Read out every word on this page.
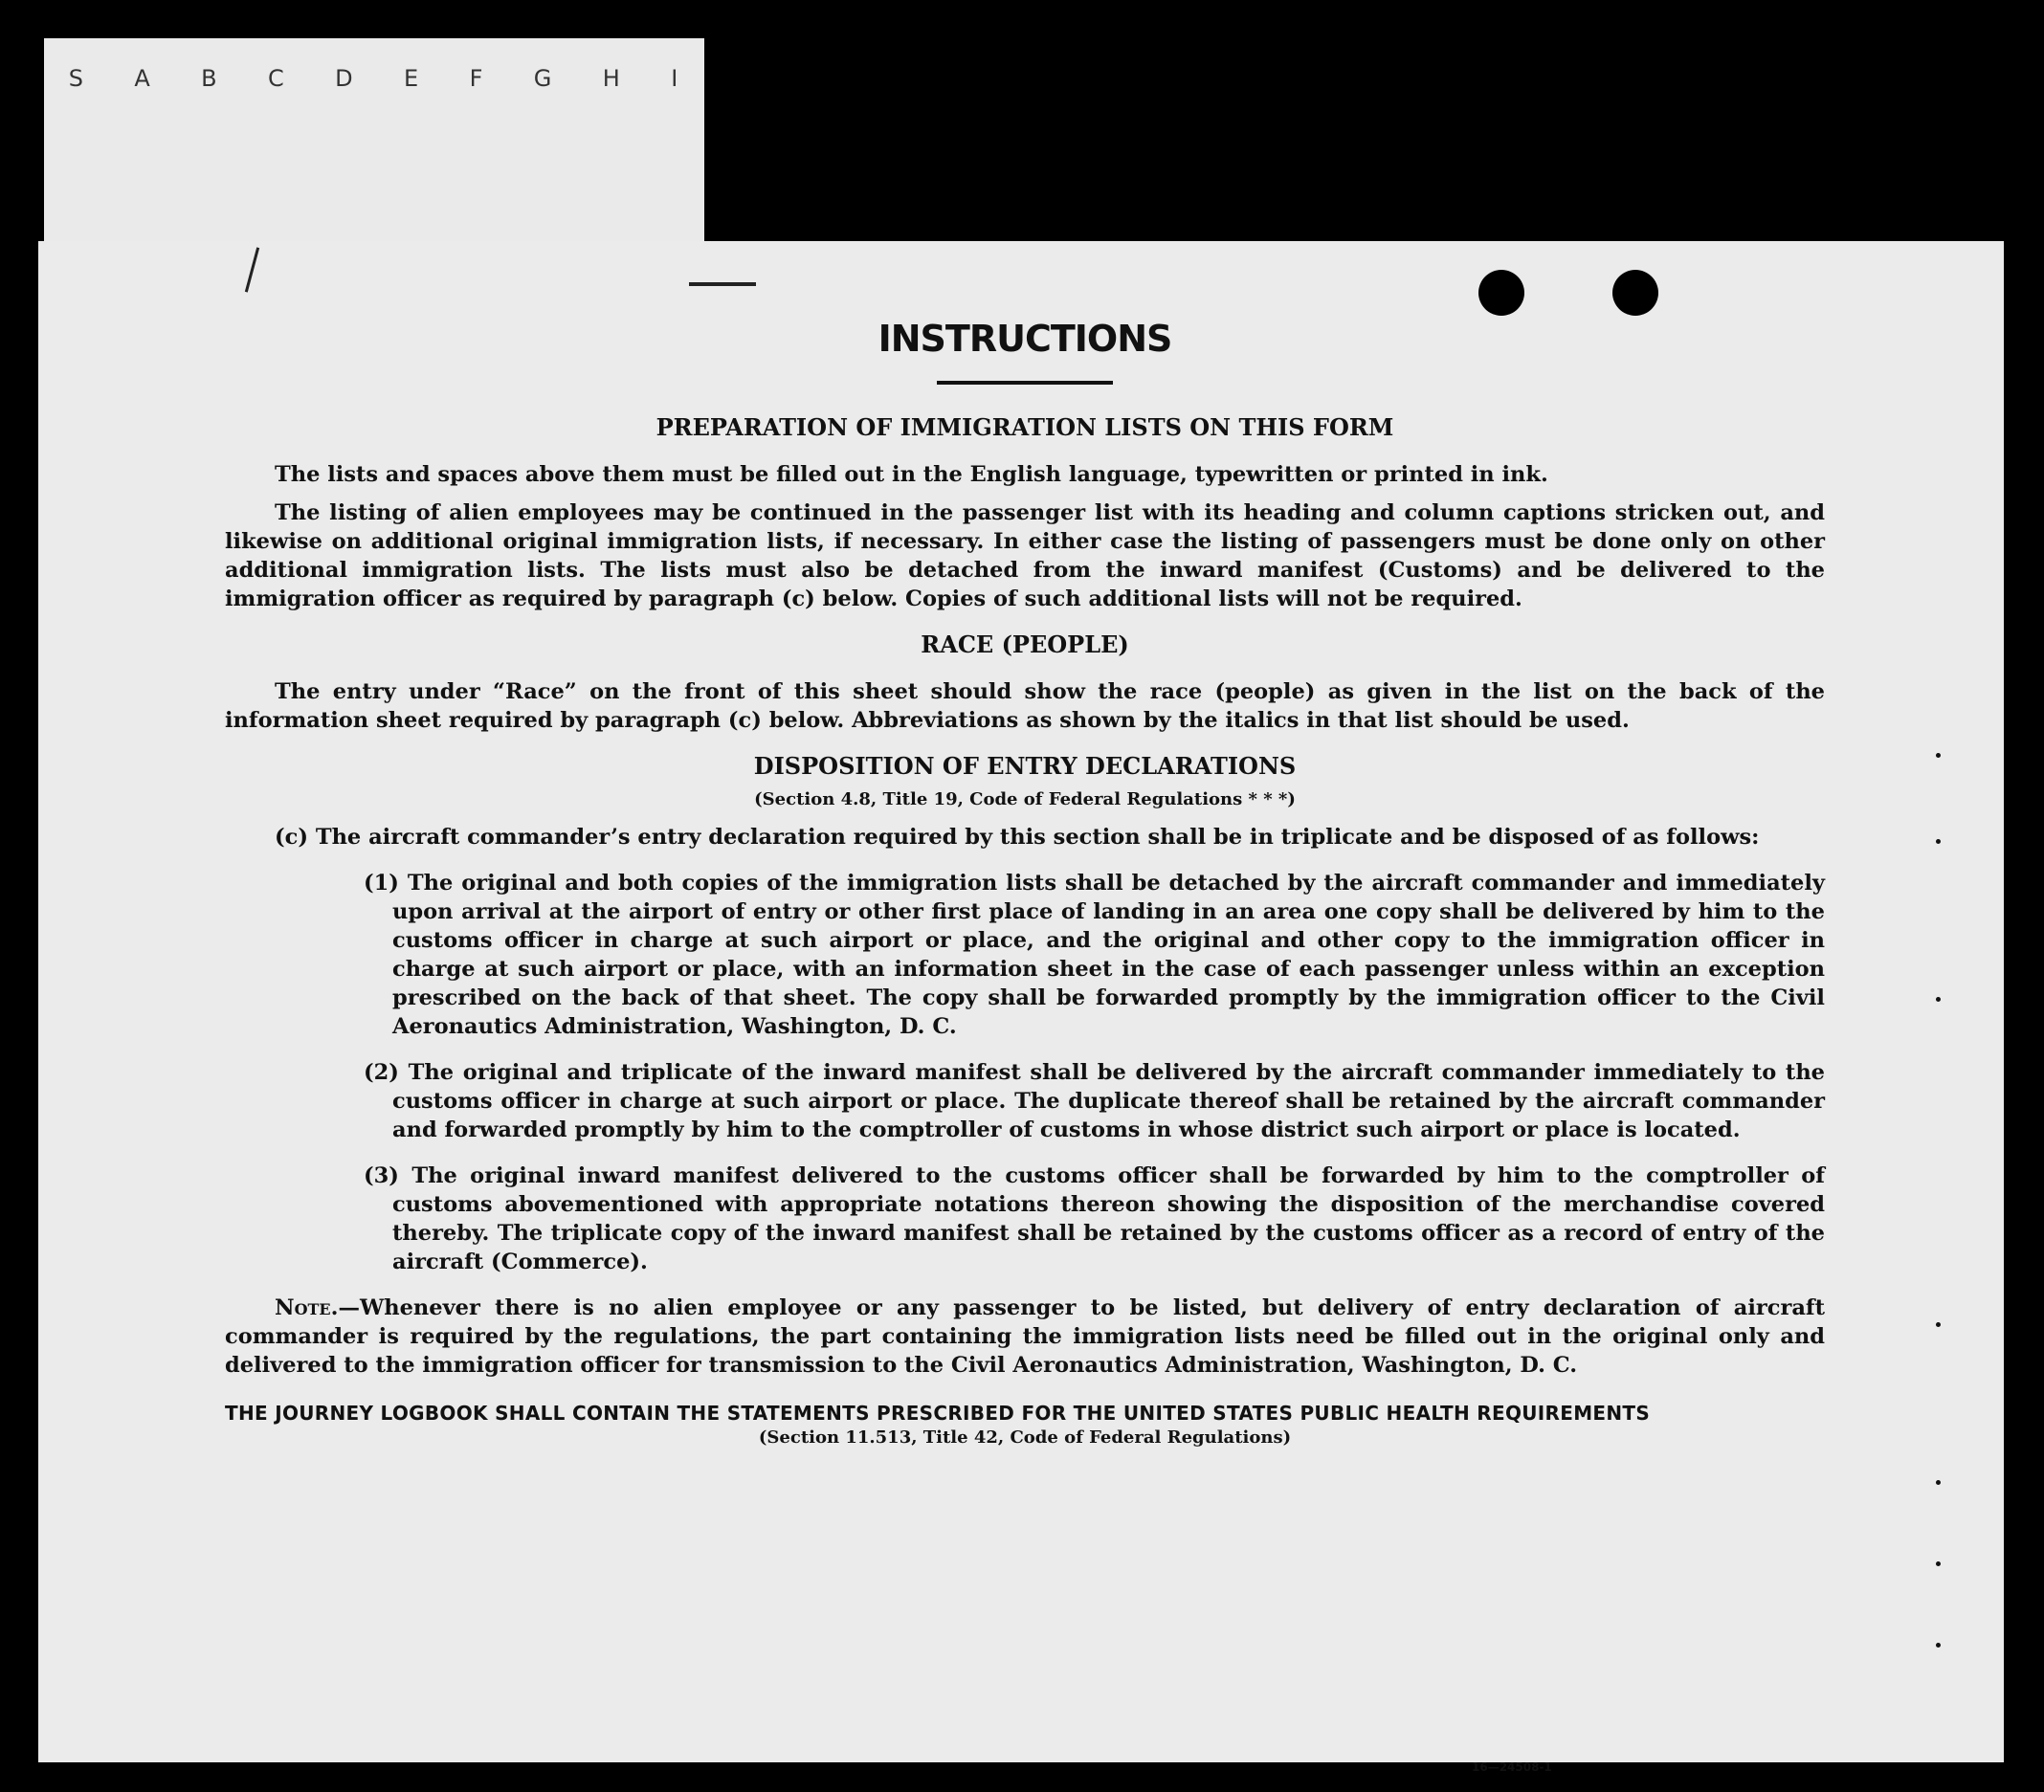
S A B C D E F G H I
INSTRUCTIONS
PREPARATION OF IMMIGRATION LISTS ON THIS FORM

The lists and spaces above them must be filled out in the English language, typewritten or printed in ink.

The listing of alien employees may be continued in the passenger list with its heading and column captions stricken out, and likewise on additional original immigration lists, if necessary. In either case the listing of passengers must be done only on other additional immigration lists. The lists must also be detached from the inward manifest (Customs) and be delivered to the immigration officer as required by paragraph (c) below. Copies of such additional lists will not be required.

RACE (PEOPLE)

The entry under “Race” on the front of this sheet should show the race (people) as given in the list on the back of the information sheet required by paragraph (c) below. Abbreviations as shown by the italics in that list should be used.

DISPOSITION OF ENTRY DECLARATIONS
(Section 4.8, Title 19, Code of Federal Regulations * * *)

(c) The aircraft commander’s entry declaration required by this section shall be in triplicate and be disposed of as follows:

(1) The original and both copies of the immigration lists shall be detached by the aircraft commander and immediately upon arrival at the airport of entry or other first place of landing in an area one copy shall be delivered by him to the customs officer in charge at such airport or place, and the original and other copy to the immigration officer in charge at such airport or place, with an information sheet in the case of each passenger unless within an exception prescribed on the back of that sheet. The copy shall be forwarded promptly by the immigration officer to the Civil Aeronautics Administration, Washington, D. C.
(2) The original and triplicate of the inward manifest shall be delivered by the aircraft commander immediately to the customs officer in charge at such airport or place. The duplicate thereof shall be retained by the aircraft commander and forwarded promptly by him to the comptroller of customs in whose district such airport or place is located.
(3) The original inward manifest delivered to the customs officer shall be forwarded by him to the comptroller of customs abovementioned with appropriate notations thereon showing the disposition of the merchandise covered thereby. The triplicate copy of the inward manifest shall be retained by the customs officer as a record of entry of the aircraft (Commerce).

Note.—Whenever there is no alien employee or any passenger to be listed, but delivery of entry declaration of aircraft commander is required by the regulations, the part containing the immigration lists need be filled out in the original only and delivered to the immigration officer for transmission to the Civil Aeronautics Administration, Washington, D. C.

THE JOURNEY LOGBOOK SHALL CONTAIN THE STATEMENTS PRESCRIBED FOR THE UNITED STATES PUBLIC HEALTH REQUIREMENTS
(Section 11.513, Title 42, Code of Federal Regulations)
16—24508-1
